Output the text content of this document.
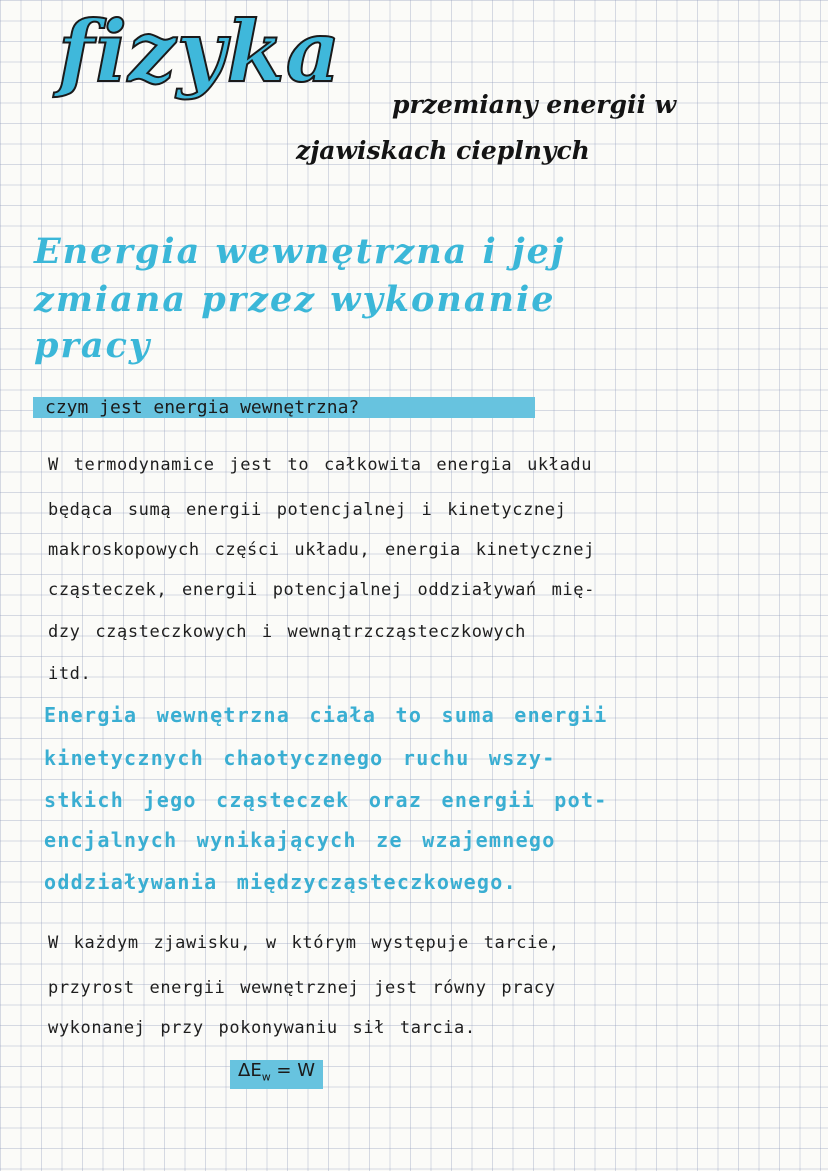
fizyka
przemiany energii w
zjawiskach cieplnych
Energia wewnętrzna i jej
zmiana przez wykonanie
pracy
czym jest energia wewnętrzna?
W termodynamice jest to całkowita energia układu
będąca sumą energii potencjalnej i kinetycznej
makroskopowych części układu, energia kinetycznej
cząsteczek, energii potencjalnej oddziaływań mię-
dzy cząsteczkowych i wewnątrzcząsteczkowych
itd.
Energia wewnętrzna ciała to suma energii
kinetycznych chaotycznego ruchu wszy-
stkich jego cząsteczek oraz energii pot-
encjalnych wynikających ze wzajemnego
oddziaływania międzycząsteczkowego.
W każdym zjawisku, w którym występuje tarcie,
przyrost energii wewnętrznej jest równy pracy
wykonanej przy pokonywaniu sił tarcia.
$\Delta E_w = W$
